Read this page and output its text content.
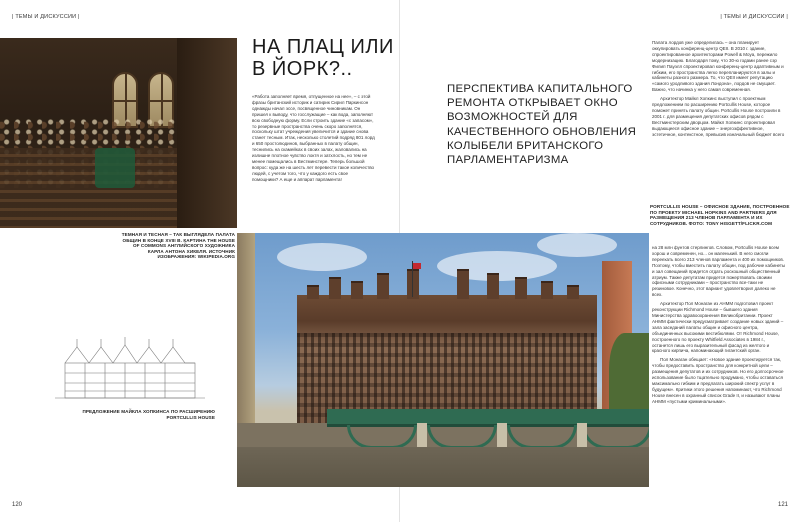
| ТЕМЫ И ДИСКУССИИ |
ТЕМНАЯ И ТЕСНАЯ – ТАК ВЫГЛЯДЕЛА ПАЛАТА ОБЩИН В КОНЦЕ XVIII В. КАРТИНА THE HOUSE OF COMMONS АНГЛИЙСКОГО ХУДОЖНИКА КАРЛА АНТОНА ХИКЕЛЯ. ИСТОЧНИК ИЗОБРАЖЕНИЯ: WIKIPEDIA.ORG
ПРЕДЛОЖЕНИЕ МАЙКЛА ХОПКИНСА ПО РАСШИРЕНИЮ PORTCULLIS HOUSE
120
| ТЕМЫ И ДИСКУССИИ |
121
НА ПЛАЦ ИЛИ В ЙОРК?..

«Работа заполняет время, отпущенное на нее», – с этой фразы британский историк и сатирик Сирил Паркинсон однажды начал эссе, посвященное чиновникам. Он пришел к выводу, что госслужащие – как вода, заполняют всю свободную форму. Если строить здание «с запасом», то резервные пространства очень скоро заполнятся, поскольку штат учреждения увеличится и здание снова станет тесным. Итак, несколько столетий подряд 801 лорд и 650 простолюдинов, выбранных в палату общин, теснились на скамейках в своих залах, жаловались на излишне плотное чувство локтя и затхлость, но тем не менее помещались в Вестминстере. Теперь большой вопрос: куда же на шесть лет перевести такое количество людей, с учетом того, что у каждого есть свое помощники? А еще и аппарат парламента!

ПЕРСПЕКТИВА КАПИТАЛЬНОГО РЕМОНТА ОТКРЫВАЕТ ОКНО ВОЗМОЖНОСТЕЙ ДЛЯ КАЧЕСТВЕННОГО ОБНОВЛЕНИЯ КОЛЫБЕЛИ БРИТАНСКОГО ПАРЛАМЕНТАРИЗМА

Палата лордов уже определилась – она планирует оккупировать конференц-центр QEII. В 2010 г. здание, спроектированное архитекторами Powell & Moya, пережило модернизацию. Благодаря тому, что 30-ю годами ранее сэр Филип Пауэлл спроектировал конференц-центр адаптивным и гибким, его пространства легко перепланируются в залы и кабинеты разного размера. То, что QEII имеет репутацию «самого уродливого здания Лондона», лордов не смущает. Важно, что начинка у него самая современная.

Архитектор Майкл Хопкинс выступил с проектным предложением по расширению Portcullis House, которое поможет принять палату общин. Portcullis House построили в 2001 г. для размещения депутатских офисов рядом с Вестминстерским дворцом. Майкл Хопкинс спроектировал выдающееся офисное здание – энергоэффективное, эстетичное, контекстное, превысив изначальный бюджет всего

PORTCULLIS HOUSE – ОФИСНОЕ ЗДАНИЕ, ПОСТРОЕННОЕ ПО ПРОЕКТУ MICHAEL HOPKINS AND PARTNERS ДЛЯ РАЗМЕЩЕНИЯ 213 ЧЛЕНОВ ПАРЛАМЕНТА И ИХ СОТРУДНИКОВ. ФОТО: TONY HISGETT/FLICKR.COM

на 28 млн фунтов стерлингов. Словом, Portcullis House всем хорош и современен, но... он маленький. В него смогли переехать всего 213 членов парламента и 400 их помощников. Поэтому, чтобы вместить палату общин, под рабочие кабинеты и зал совещаний придется отдать роскошный общественный атриум. Также депутатам придется пожертвовать своими офисными сотрудниками – пространство все-таки не резиновое. Конечно, этот вариант удовлетворил далеко не всех.

Архитектор Пол Монаган из AHMM подготовил проект реконструкции Richmond House – бывшего здания Министерства здравоохранения Великобритании. Проект AHMM фактически предусматривает создание новых зданий – зала заседаний палаты общин и офисного центра, объединенных высокими вестибюлями. От Richmond House, построенного по проекту Whitfield Associates в 1984 г., останется лишь его выразительный фасад из желтого и красного кирпича, напоминающий гигантский орган.

Пол Монаган обещает: «Новое здание проектируется так, чтобы предоставить пространство для конкретной цели – размещения депутатов и их сотрудников. Но его долгосрочное использование было тщательно продумано, чтобы оставаться максимально гибким и предлагать широкий спектр услуг в будущем». Критики этого решения напоминают, что Richmond House внесен в охранный список Grade II, и называют планы AHMM «пустыми криминальными».
